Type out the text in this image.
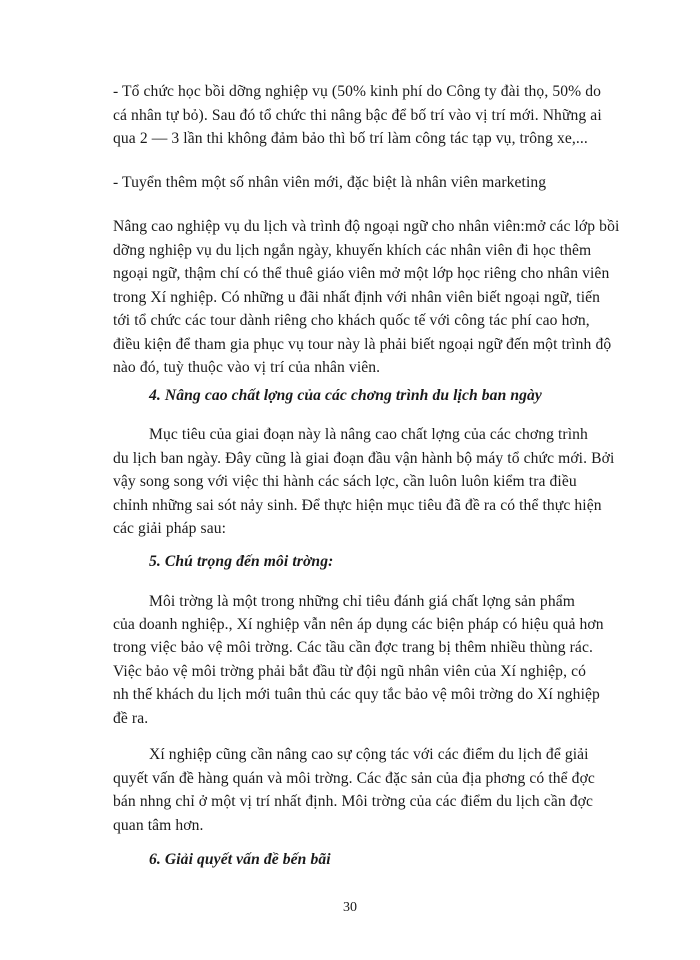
- Tổ chức học bồi dỡng nghiệp vụ (50% kinh phí do Công ty đài thọ, 50% do
cá nhân tự bỏ). Sau đó tổ chức thi nâng bậc để bố trí vào vị trí mới. Những ai
qua 2 — 3 lần thi không đảm bảo thì bố trí làm công tác tạp vụ, trông xe,...
- Tuyển thêm một số nhân viên mới, đặc biệt là nhân viên marketing
Nâng cao nghiệp vụ du lịch và trình độ ngoại ngữ cho nhân viên:mở các lớp bồi
dỡng nghiệp vụ du lịch ngắn ngày, khuyến khích các nhân viên đi học thêm
ngoại ngữ, thậm chí có thể thuê giáo viên mở một lớp học riêng cho nhân viên
trong Xí nghiệp. Có những u đãi nhất định với nhân viên biết ngoại ngữ, tiến
tới tổ chức các tour dành riêng cho khách quốc tế với công tác phí cao hơn,
điều kiện để tham gia phục vụ tour này là phải biết ngoại ngữ đến một trình độ
nào đó, tuỳ thuộc vào vị trí của nhân viên.
4. Nâng cao chất lợng của các chơng trình du lịch ban ngày
Mục tiêu của giai đoạn này là nâng cao chất lợng của các chơng trình
du lịch ban ngày. Đây cũng là giai đoạn đầu vận hành bộ máy tổ chức mới. Bởi
vậy song song với việc thi hành các sách lợc, cần luôn luôn kiểm tra điều
chỉnh những sai sót nảy sinh. Để thực hiện mục tiêu đã đề ra có thể thực hiện
các giải pháp sau:
5. Chú trọng đến môi trờng:
Môi trờng là một trong những chỉ tiêu đánh giá chất lợng sản phẩm
của doanh nghiệp., Xí nghiệp vẫn nên áp dụng các biện pháp có hiệu quả hơn
trong việc bảo vệ môi trờng. Các tầu cần đợc trang bị thêm nhiều thùng rác.
Việc bảo vệ môi trờng phải bắt đầu từ đội ngũ nhân viên của Xí nghiệp, có
nh thế khách du lịch mới tuân thủ các quy tắc bảo vệ môi trờng do Xí nghiệp
đề ra.
Xí nghiệp cũng cần nâng cao sự cộng tác với các điểm du lịch để giải
quyết vấn đề hàng quán và môi trờng. Các đặc sản của địa phơng có thể đợc
bán nhng chỉ ở một vị trí nhất định. Môi trờng của các điểm du lịch cần đợc
quan tâm hơn.
6. Giải quyết vấn đề bến bãi
30
